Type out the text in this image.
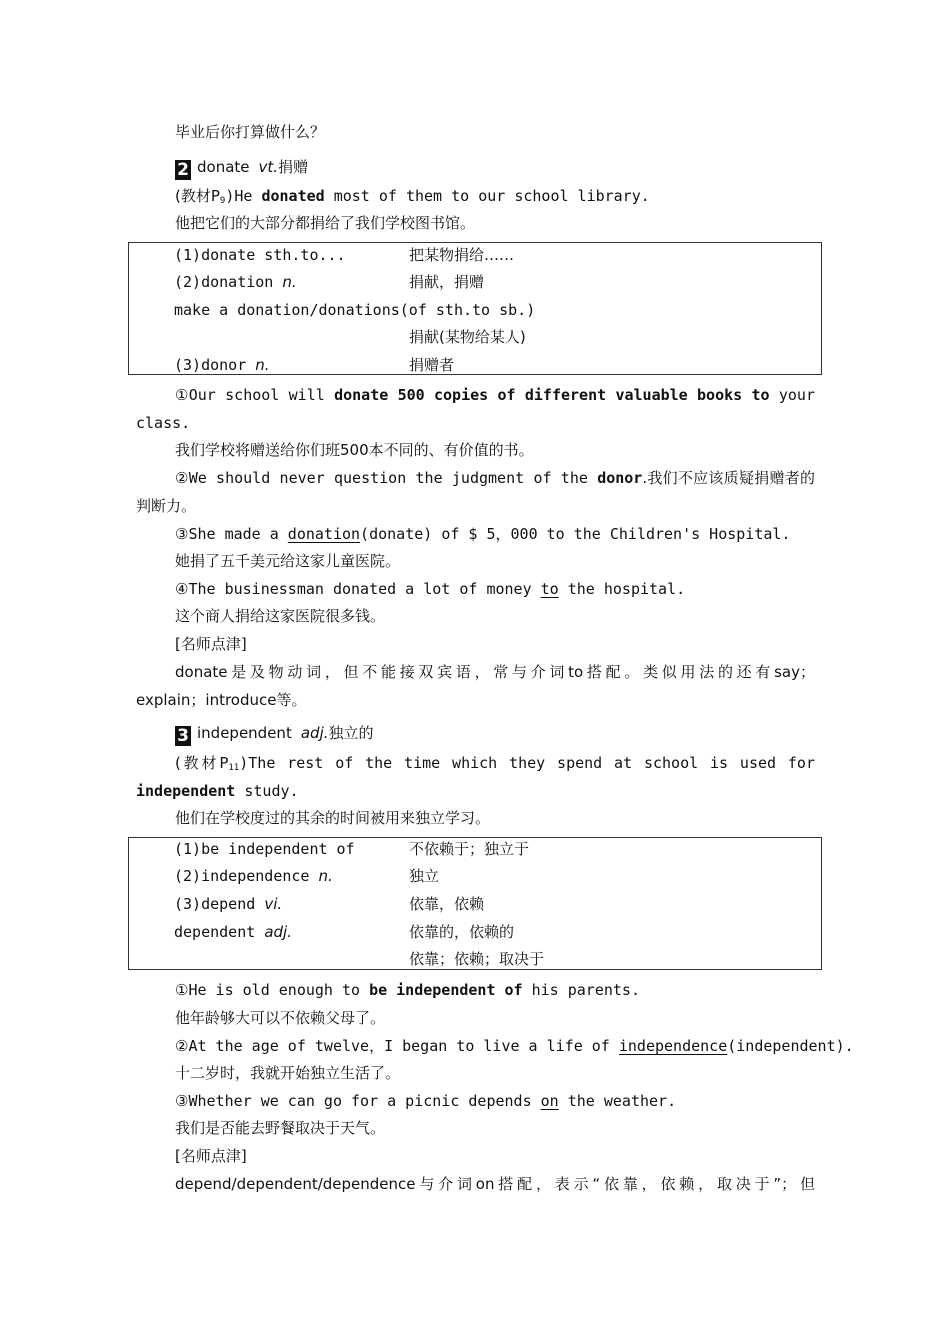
毕业后你打算做什么？
2 donate vt.捐赠
(教材$P_9)He$ donated most of them to our school library.
他把它们的大部分都捐给了我们学校图书馆。
(1)donate sth.to...	把某物捐给……
(2)donation n.	捐献，捐赠
make a donation/donations(of sth.to sb.)
捐献(某物给某人)
(3)donor n.	捐赠者
①Our school will donate 500 copies of different valuable books to your
class.
我们学校将赠送给你们班500本不同的、有价值的书。
②We should never question the judgment of the donor.我们不应该质疑捐赠者的
判断力。
③She made a donation(donate) of $ 5，000 to the Children's Hospital.
她捐了五千美元给这家儿童医院。
④The businessman donated a lot of money to the hospital.
这个商人捐给这家医院很多钱。
[名师点津]
donate是及物动词，但不能接双宾语，常与介词to搭配。类似用法的还有say；
explain；introduce等。
3 independent adj.独立的
(教材$P_{11})The$ rest of the time which they spend at school is used for
independent study.
他们在学校度过的其余的时间被用来独立学习。
(1)be independent of	不依赖于；独立于
(2)independence n.	独立
(3)depend vi.	依靠，依赖
dependent adj.	依靠的，依赖的
依靠；依赖；取决于
①He is old enough to be independent of his parents.
他年龄够大可以不依赖父母了。
②At the age of twelve，I began to live a life of independence(independent).
十二岁时，我就开始独立生活了。
③Whether we can go for a picnic depends on the weather.
我们是否能去野餐取决于天气。
[名师点津]
depend/dependent/dependence与介词on搭配，表示“依靠，依赖，取决于”；但
